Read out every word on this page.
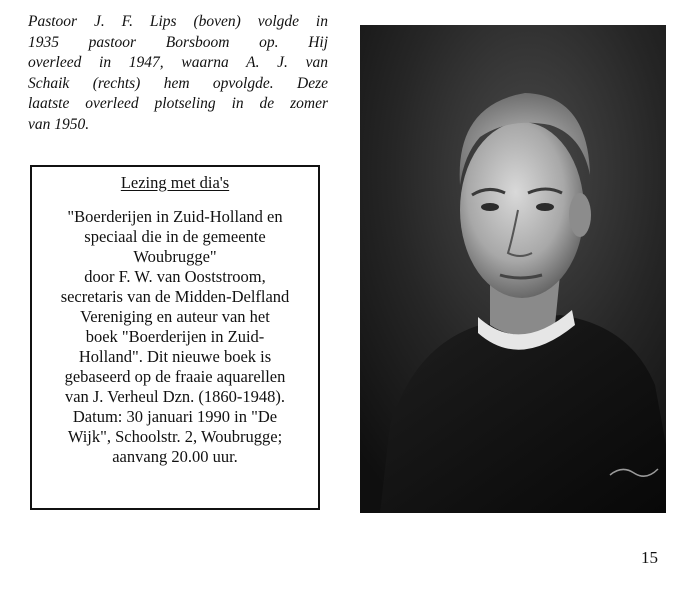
Pastoor J. F. Lips (boven) volgde in
1935 pastoor Borsboom op. Hij
overleed in 1947, waarna A. J. van
Schaik (rechts) hem opvolgde. Deze
laatste overleed plotseling in de zomer
van 1950.
Lezing met dia's
"Boerderijen in Zuid-Holland en
speciaal die in de gemeente
Woubrugge"
door F. W. van Ooststroom,
secretaris van de Midden-Delfland
Vereniging en auteur van het
boek "Boerderijen in Zuid-
Holland". Dit nieuwe boek is
gebaseerd op de fraaie aquarellen
van J. Verheul Dzn. (1860-1948).
Datum: 30 januari 1990 in "De
Wijk", Schoolstr. 2, Woubrugge;
aanvang 20.00 uur.
15
